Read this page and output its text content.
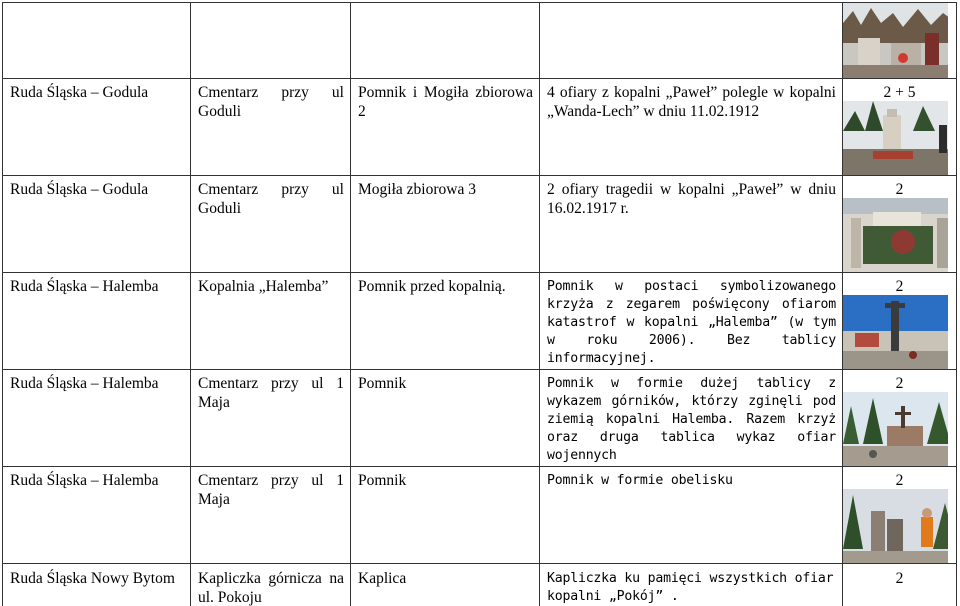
Ruda Śląska – Godula	Cmentarz przy ul Goduli	Pomnik i Mogiła zbiorowa 2	4 ofiary z kopalni „Paweł” polegle w kopalni „Wanda-Lech” w dniu 11.02.1912	2 + 5

Ruda Śląska – Godula	Cmentarz przy ul Goduli	Mogiła zbiorowa 3	2 ofiary tragedii w kopalni „Paweł” w dniu 16.02.1917 r.	2

Ruda Śląska – Halemba	Kopalnia „Halemba”	Pomnik przed kopalnią.	Pomnik w postaci symbolizowanego krzyża z zegarem poświęcony ofiarom katastrof w kopalni „Halemba” (w tym w roku 2006). Bez tablicy informacyjnej.	2

Ruda Śląska – Halemba	Cmentarz przy ul 1 Maja	Pomnik	Pomnik w formie dużej tablicy z wykazem górników, którzy zginęli pod ziemią kopalni Halemba. Razem krzyż oraz druga tablica wykaz ofiar wojennych	2

Ruda Śląska – Halemba	Cmentarz przy ul 1 Maja	Pomnik	Pomnik w formie obelisku	2

Ruda Śląska Nowy Bytom	Kapliczka górnicza na ul. Pokoju	Kaplica	Kapliczka ku pamięci wszystkich ofiar kopalni „Pokój” .	2
